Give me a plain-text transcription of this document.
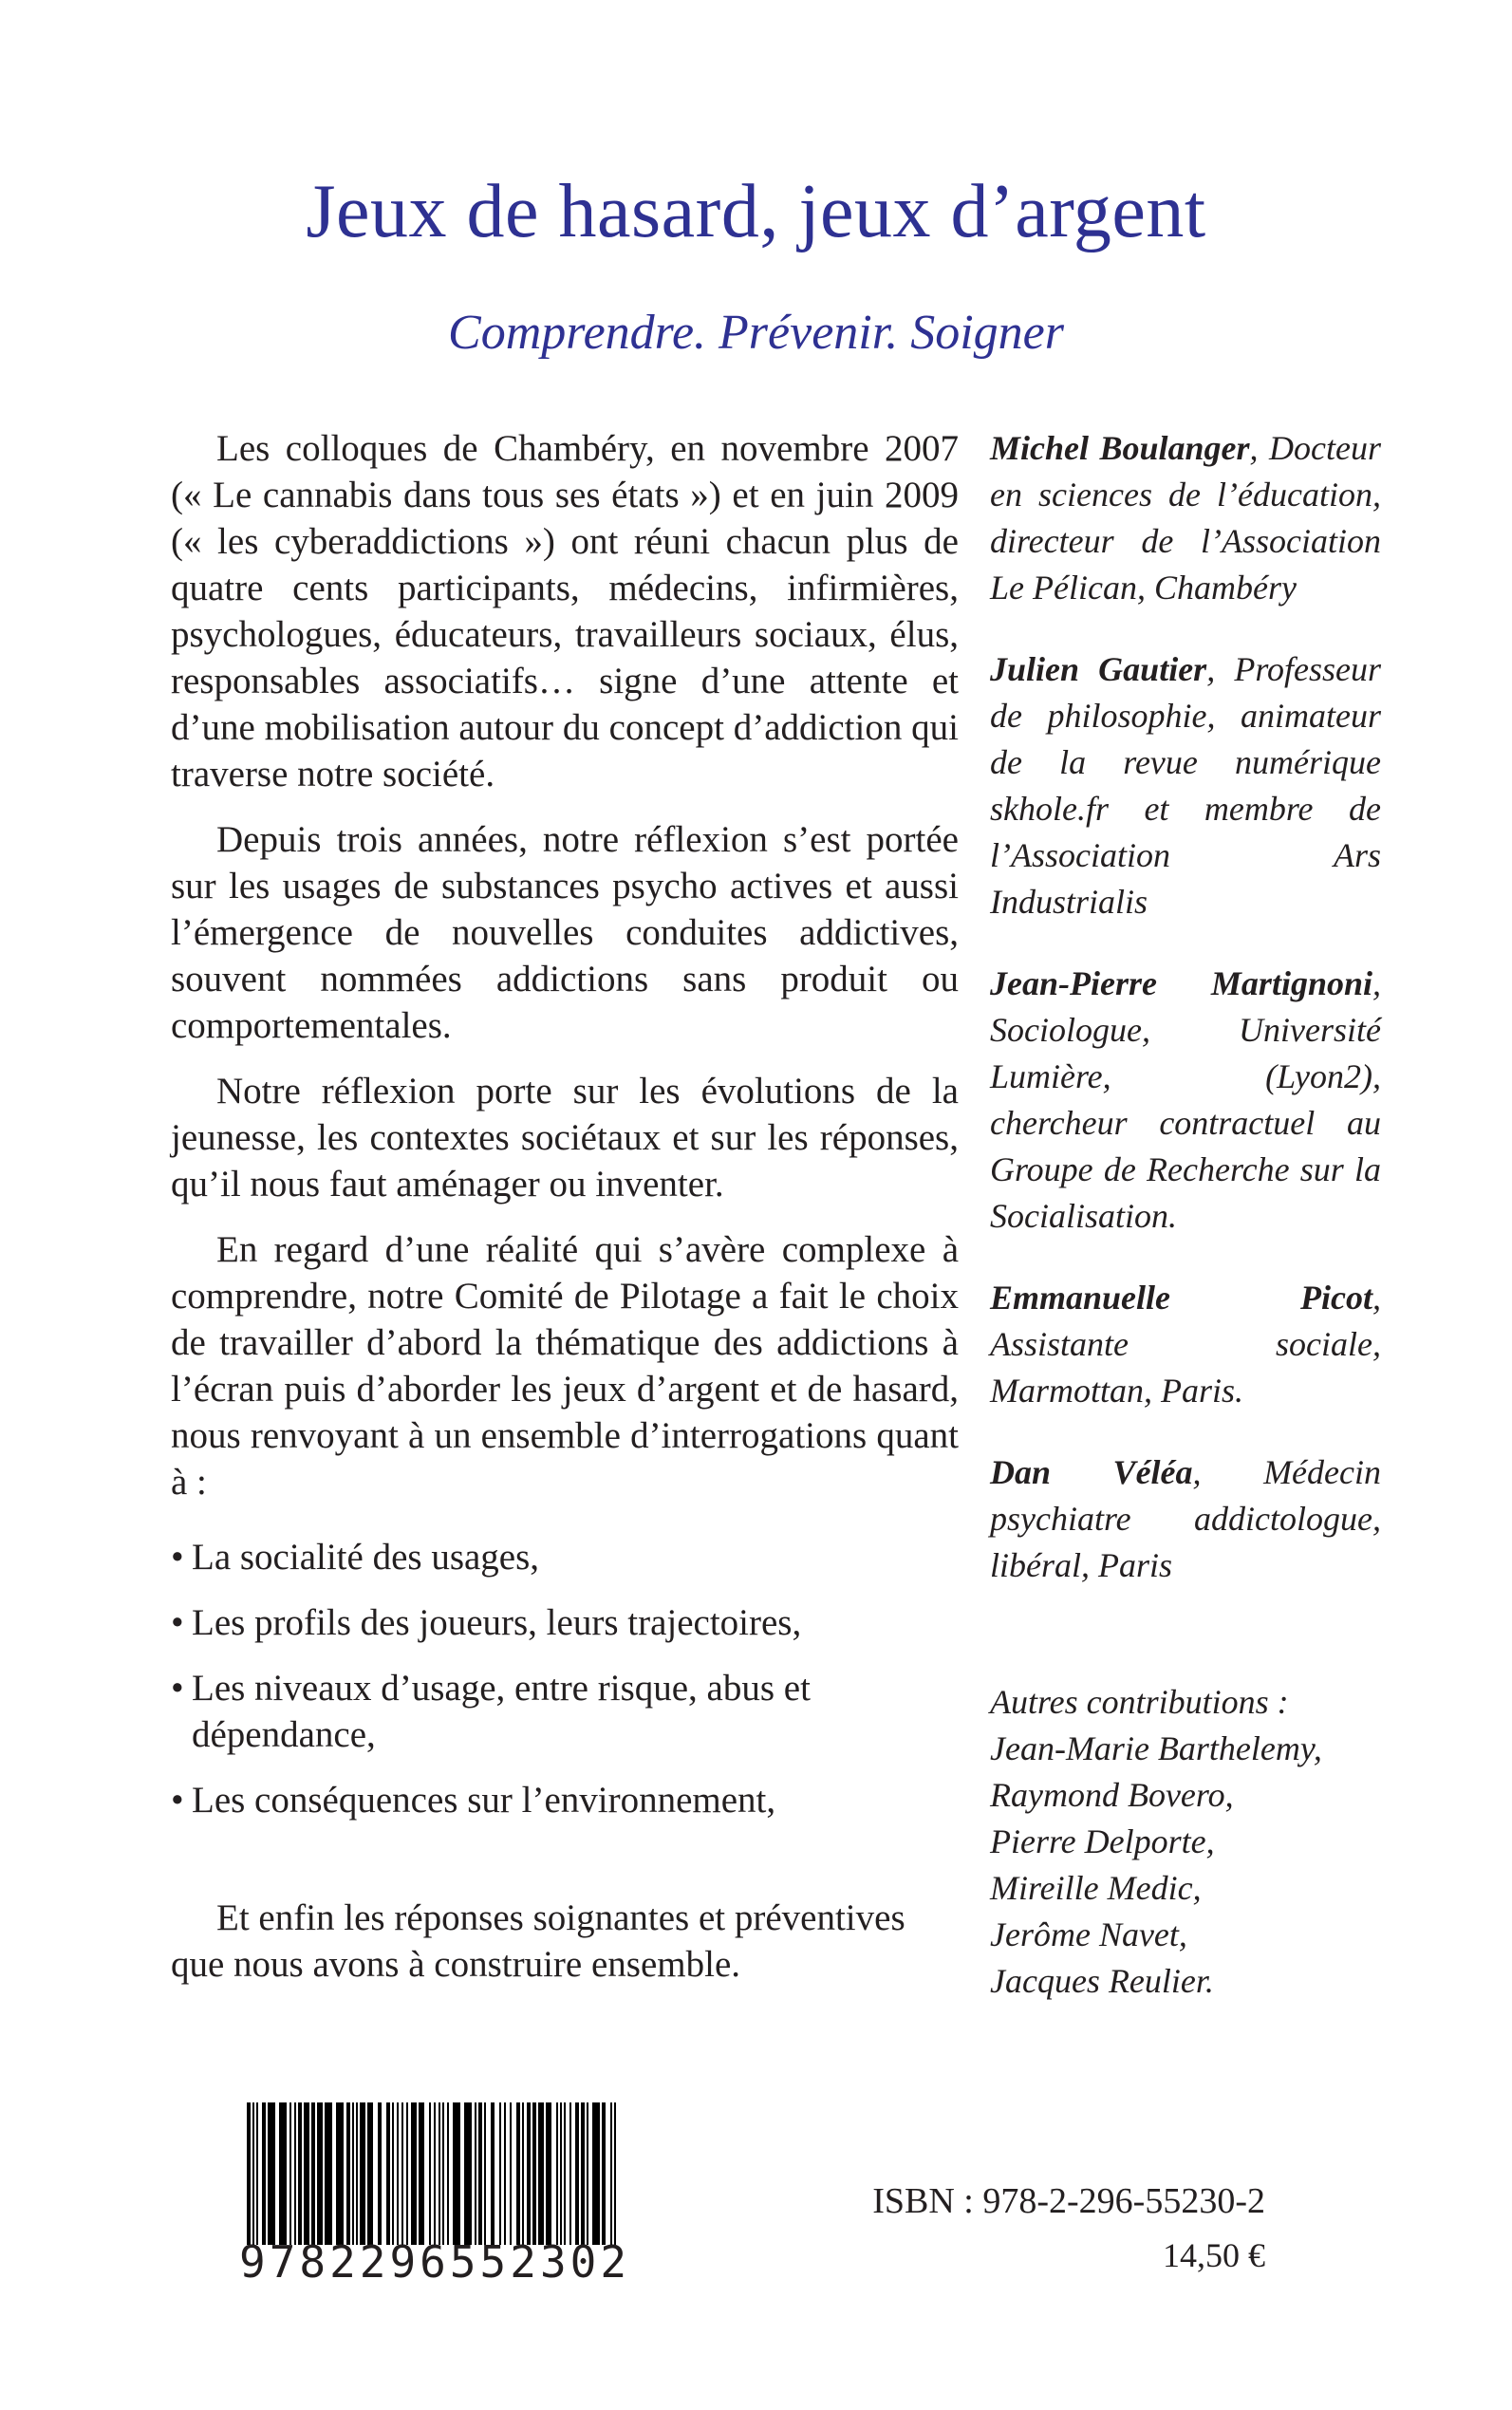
Jeux de hasard, jeux d’argent
Comprendre. Prévenir. Soigner

Les colloques de Chambéry, en novembre 2007 (« Le cannabis dans tous ses états ») et en juin 2009 (« les cyberaddictions ») ont réuni chacun plus de quatre cents participants, médecins, infirmières, psychologues, éducateurs, travailleurs sociaux, élus, responsables associatifs… signe d’une attente et d’une mobilisation autour du concept d’addiction qui traverse notre société.

Depuis trois années, notre réflexion s’est portée sur les usages de substances psycho actives et aussi l’émergence de nouvelles conduites addictives, souvent nommées addictions sans produit ou comportementales.

Notre réflexion porte sur les évolutions de la jeunesse, les contextes sociétaux et sur les réponses, qu’il nous faut aménager ou inventer.

En regard d’une réalité qui s’avère complexe à comprendre, notre Comité de Pilotage a fait le choix de travailler d’abord la thématique des addictions à l’écran puis d’aborder les jeux d’argent et de hasard, nous renvoyant à un ensemble d’interrogations quant à :

• La socialité des usages,
• Les profils des joueurs, leurs trajectoires,
• Les niveaux d’usage, entre risque, abus et dépendance,
• Les conséquences sur l’environnement,

Et enfin les réponses soignantes et préventives que nous avons à construire ensemble.

Michel Boulanger, Docteur en sciences de l’éducation, directeur de l’Association Le Pélican, Chambéry

Julien Gautier, Professeur de philosophie, animateur de la revue numérique skhole.fr et membre de l’Association Ars Industrialis

Jean-Pierre Martignoni, Sociologue, Université Lumière, (Lyon2), chercheur contractuel au Groupe de Recherche sur la Socialisation.

Emmanuelle Picot, Assistante sociale, Marmottan, Paris.

Dan Véléa, Médecin psychiatre addictologue, libéral, Paris

Autres contributions :
Jean-Marie Barthelemy,
Raymond Bovero,
Pierre Delporte,
Mireille Medic,
Jerôme Navet,
Jacques Reulier.
9782296552302
ISBN : 978-2-296-55230-2
14,50 €
